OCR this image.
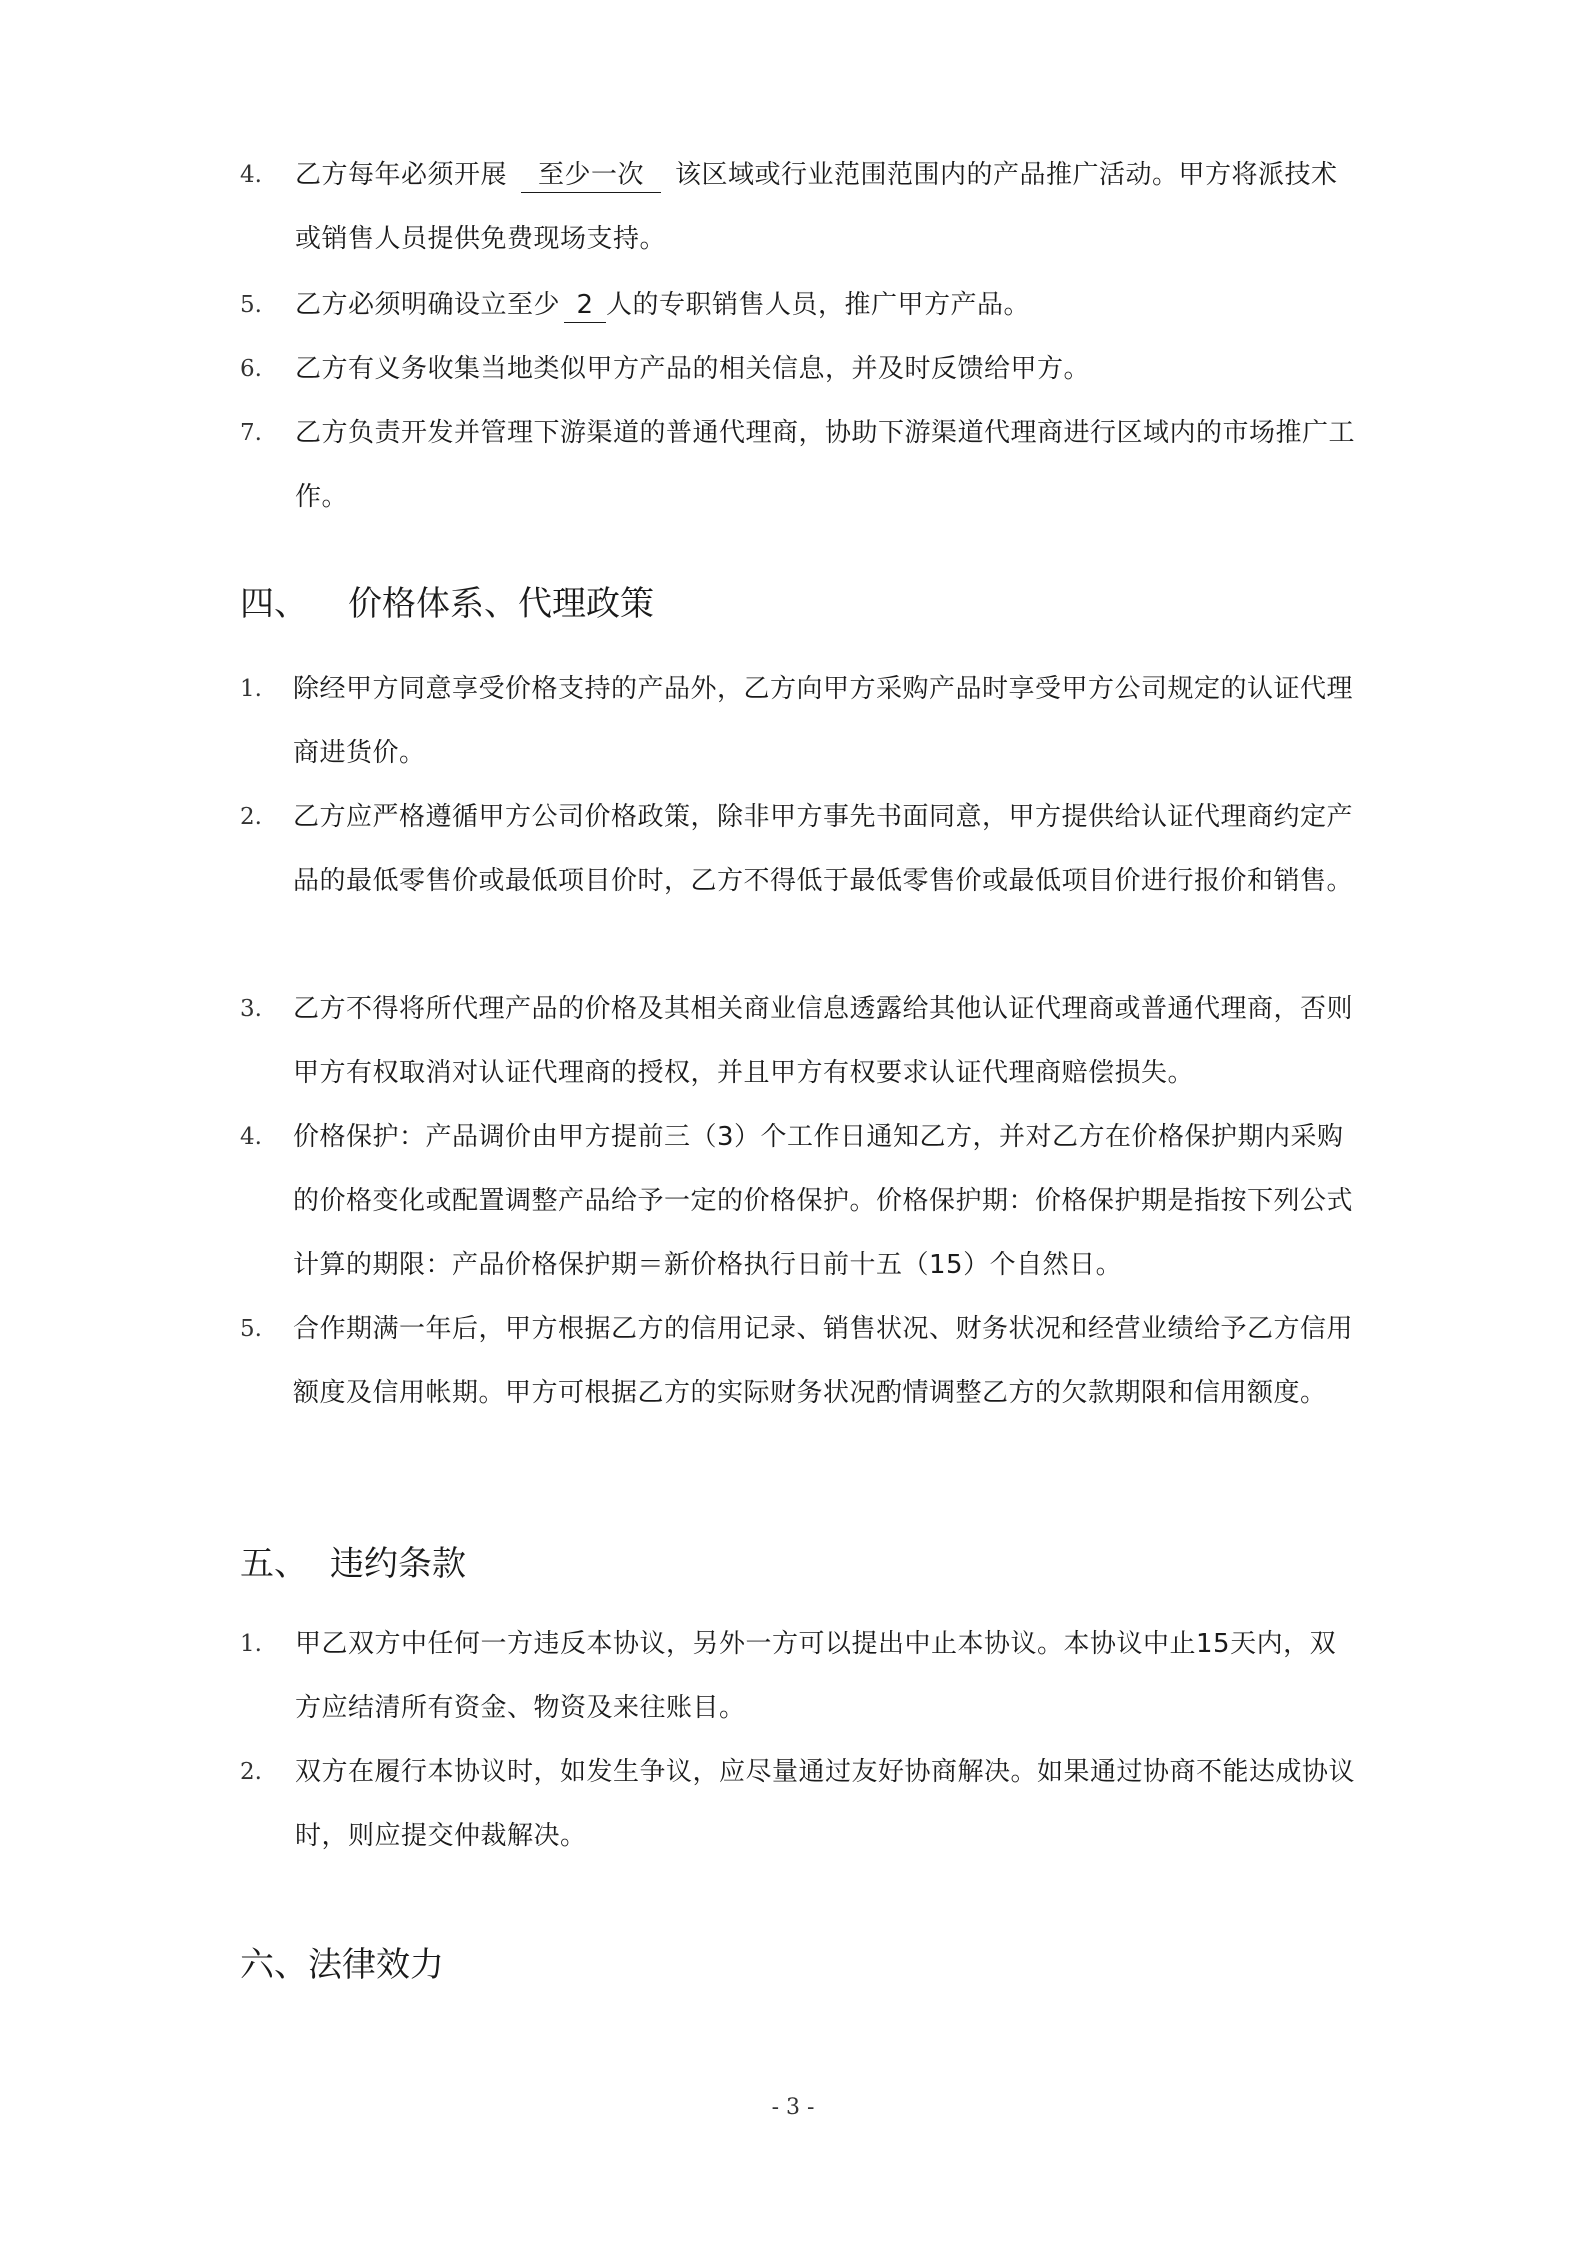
4. 乙方每年必须开展 至少一次 该区域或行业范围范围内的产品推广活动。甲方将派技术或销售人员提供免费现场支持。
5. 乙方必须明确设立至少 2 人的专职销售人员，推广甲方产品。
6. 乙方有义务收集当地类似甲方产品的相关信息，并及时反馈给甲方。
7. 乙方负责开发并管理下游渠道的普通代理商，协助下游渠道代理商进行区域内的市场推广工作。
四、 价格体系、代理政策
1. 除经甲方同意享受价格支持的产品外，乙方向甲方采购产品时享受甲方公司规定的认证代理商进货价。
2. 乙方应严格遵循甲方公司价格政策，除非甲方事先书面同意，甲方提供给认证代理商约定产品的最低零售价或最低项目价时，乙方不得低于最低零售价或最低项目价进行报价和销售。
3. 乙方不得将所代理产品的价格及其相关商业信息透露给其他认证代理商或普通代理商，否则甲方有权取消对认证代理商的授权，并且甲方有权要求认证代理商赔偿损失。
4. 价格保护：产品调价由甲方提前三（3）个工作日通知乙方，并对乙方在价格保护期内采购的价格变化或配置调整产品给予一定的价格保护。价格保护期：价格保护期是指按下列公式计算的期限：产品价格保护期＝新价格执行日前十五（15）个自然日。
5. 合作期满一年后，甲方根据乙方的信用记录、销售状况、财务状况和经营业绩给予乙方信用额度及信用帐期。甲方可根据乙方的实际财务状况酌情调整乙方的欠款期限和信用额度。
五、 违约条款
1. 甲乙双方中任何一方违反本协议，另外一方可以提出中止本协议。本协议中止15天内，双方应结清所有资金、物资及来往账目。
2. 双方在履行本协议时，如发生争议，应尽量通过友好协商解决。如果通过协商不能达成协议时，则应提交仲裁解决。
六、法律效力
- 3 -
